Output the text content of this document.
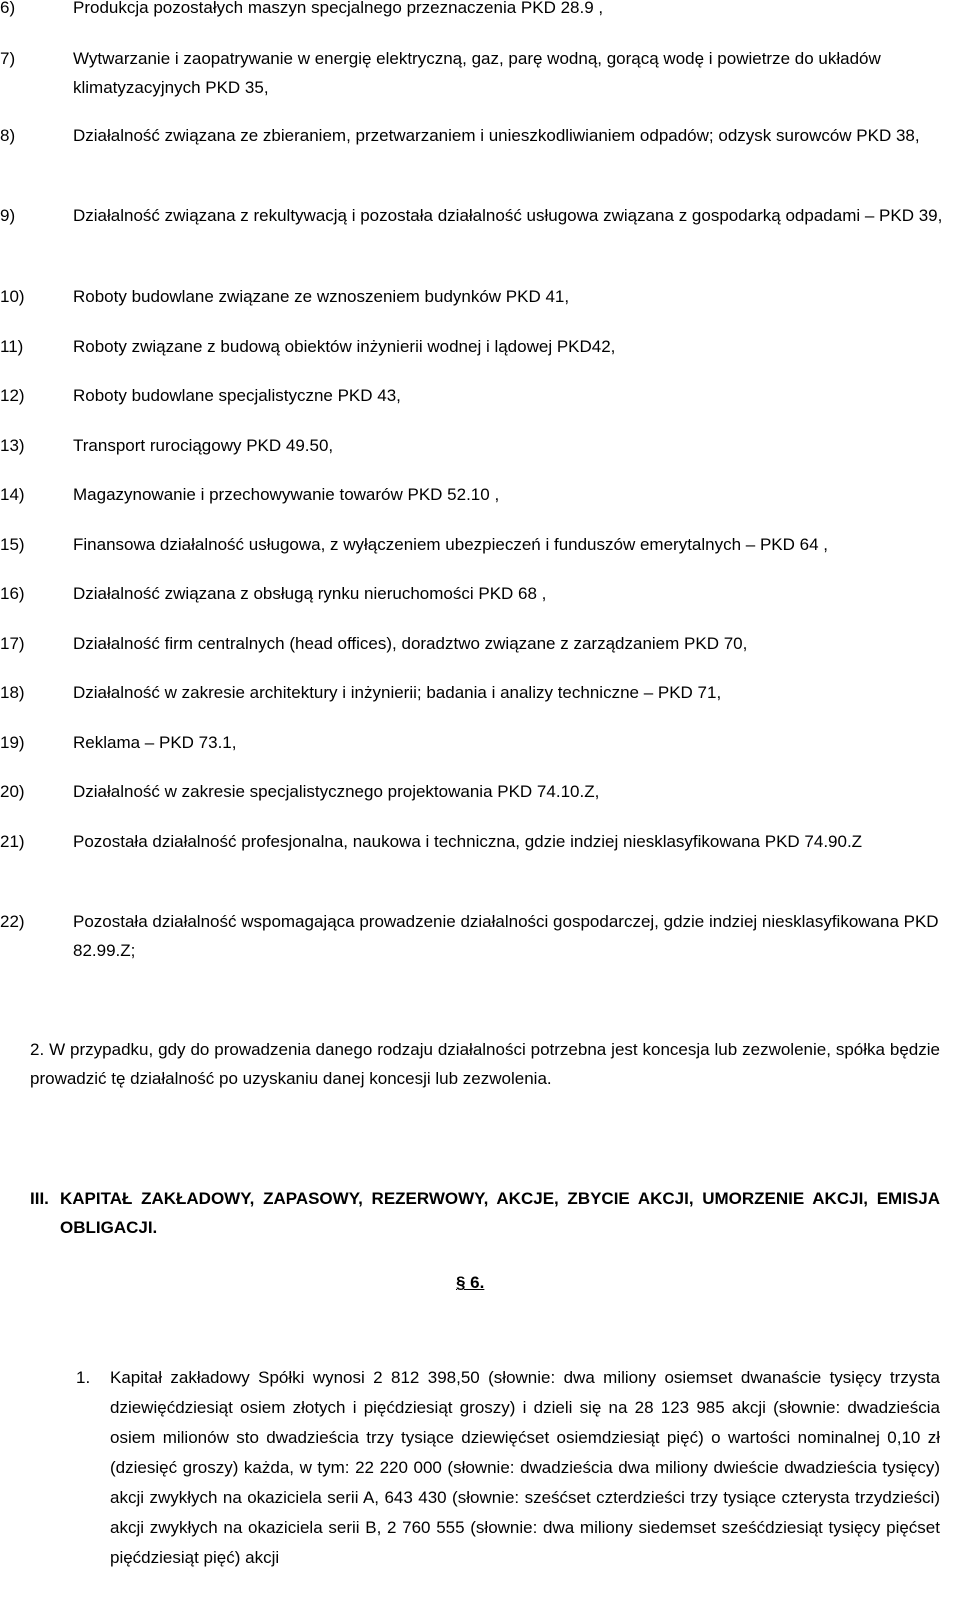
6)	Produkcja pozostałych maszyn specjalnego przeznaczenia PKD 28.9 ,
7)	Wytwarzanie i zaopatrywanie w energię elektryczną, gaz, parę wodną, gorącą wodę i powietrze do układów klimatyzacyjnych PKD 35,
8)	Działalność związana ze zbieraniem, przetwarzaniem i unieszkodliwianiem odpadów; odzysk surowców PKD 38,
9)	Działalność związana z rekultywacją i pozostała działalność usługowa związana z gospodarką odpadami – PKD 39,
10)	Roboty budowlane związane ze wznoszeniem budynków PKD 41,
11)	Roboty związane z budową obiektów inżynierii wodnej i lądowej PKD42,
12)	Roboty budowlane specjalistyczne PKD 43,
13)	Transport rurociągowy PKD 49.50,
14)	Magazynowanie i przechowywanie towarów PKD 52.10 ,
15)	Finansowa działalność usługowa, z wyłączeniem ubezpieczeń i funduszów emerytalnych – PKD 64 ,
16)	Działalność związana z obsługą rynku nieruchomości PKD 68 ,
17)	Działalność firm centralnych (head offices), doradztwo związane z zarządzaniem PKD 70,
18)	Działalność w zakresie architektury i inżynierii; badania i analizy techniczne – PKD 71,
19)	Reklama – PKD 73.1,
20)	Działalność w zakresie specjalistycznego projektowania PKD 74.10.Z,
21)	Pozostała działalność profesjonalna, naukowa i techniczna, gdzie indziej niesklasyfikowana PKD 74.90.Z
22)	Pozostała działalność wspomagająca prowadzenie działalności gospodarczej, gdzie indziej niesklasyfikowana PKD 82.99.Z;
2. W przypadku, gdy do prowadzenia danego rodzaju działalności potrzebna jest koncesja lub zezwolenie, spółka będzie prowadzić tę działalność po uzyskaniu danej koncesji lub zezwolenia.
III. KAPITAŁ ZAKŁADOWY, ZAPASOWY, REZERWOWY, AKCJE, ZBYCIE AKCJI, UMORZENIE AKCJI, EMISJA OBLIGACJI.
§ 6.
1. Kapitał zakładowy Spółki wynosi 2 812 398,50 (słownie: dwa miliony osiemset dwanaście tysięcy trzysta dziewięćdziesiąt osiem złotych i pięćdziesiąt groszy) i dzieli się na 28 123 985 akcji (słownie: dwadzieścia osiem milionów sto dwadzieścia trzy tysiące dziewięćset osiemdziesiąt pięć) o wartości nominalnej 0,10 zł (dziesięć groszy) każda, w tym: 22 220 000 (słownie: dwadzieścia dwa miliony dwieście dwadzieścia tysięcy) akcji zwykłych na okaziciela serii A, 643 430 (słownie: sześćset czterdzieści trzy tysiące czterysta trzydzieści) akcji zwykłych na okaziciela serii B, 2 760 555 (słownie: dwa miliony siedemset sześćdziesiąt tysięcy pięćset pięćdziesiąt pięć) akcji
